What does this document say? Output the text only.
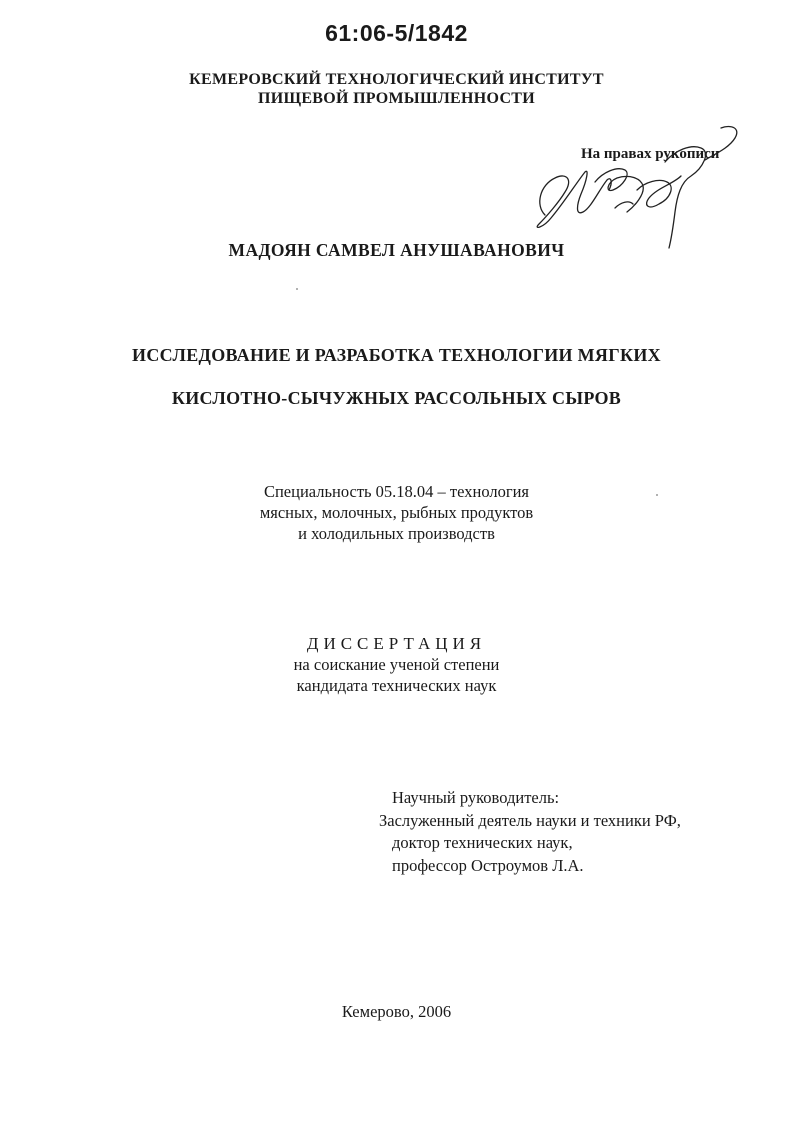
61:06-5/1842
КЕМЕРОВСКИЙ ТЕХНОЛОГИЧЕСКИЙ ИНСТИТУТ
ПИЩЕВОЙ ПРОМЫШЛЕННОСТИ
На правах рукописи
МАДОЯН САМВЕЛ АНУШАВАНОВИЧ
ИССЛЕДОВАНИЕ И РАЗРАБОТКА ТЕХНОЛОГИИ МЯГКИХ
КИСЛОТНО-СЫЧУЖНЫХ РАССОЛЬНЫХ СЫРОВ
Специальность 05.18.04 – технология
мясных, молочных, рыбных продуктов
и холодильных производств
ДИССЕРТАЦИЯ
на соискание ученой степени
кандидата технических наук
Научный руководитель:
Заслуженный деятель науки и техники РФ,
доктор технических наук,
профессор Остроумов Л.А.
Кемерово, 2006
